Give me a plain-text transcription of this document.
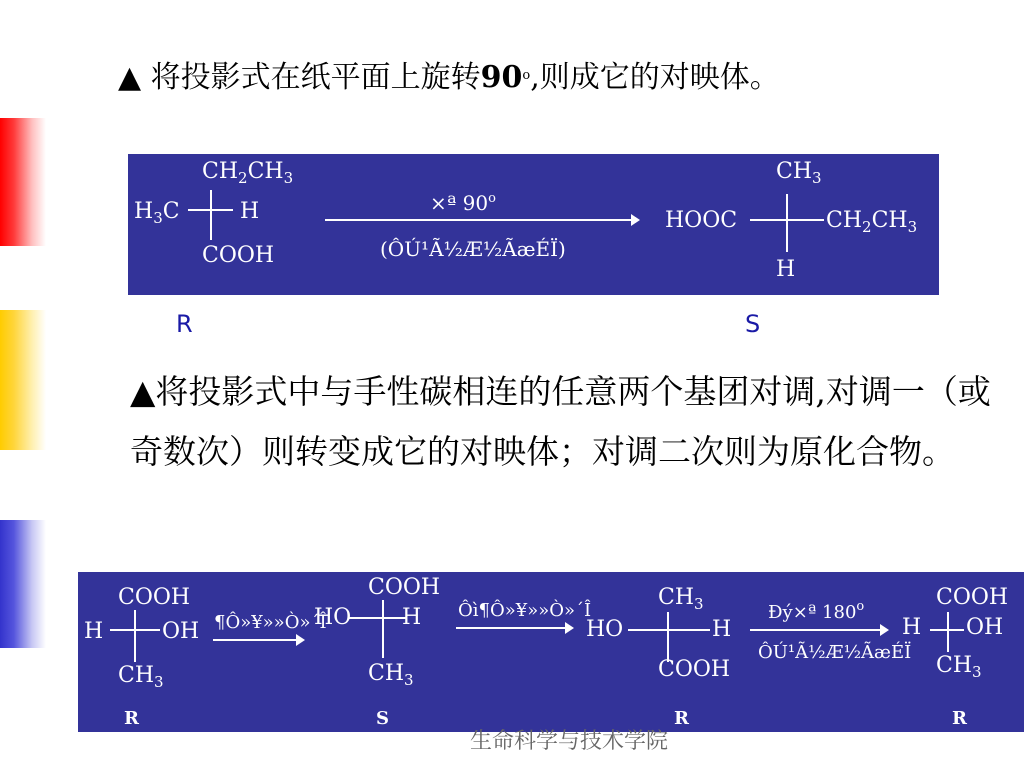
▲ 将投影式在纸平面上旋转90$^o$,则成它的对映体。
$CH_2CH_3$
$H_3C$	H
COOH
×ª 90$^o$
(ÔÚ¹Ã½Æ½ÃæÉÏ)
$CH_3$
HOOC	$CH_2CH_3$
H
R	S
▲将投影式中与手性碳相连的任意两个基团对调,对调一（或奇数次）则转变成它的对映体；对调二次则为原化合物。
COOH
H	OH
$CH_3$
R
¶Ô»¥»»Ò»´Î
COOH
HO H
$CH_3$
S
Ôì¶Ô»¥»»Ò»´Î
$CH_3$
HO	H
COOH
R
Ðý×ª 180$^o$
ÔÚ¹Ã½Æ½ÃæÉÏ
COOH
H OH
$CH_3$
R
生命科学与技术学院
